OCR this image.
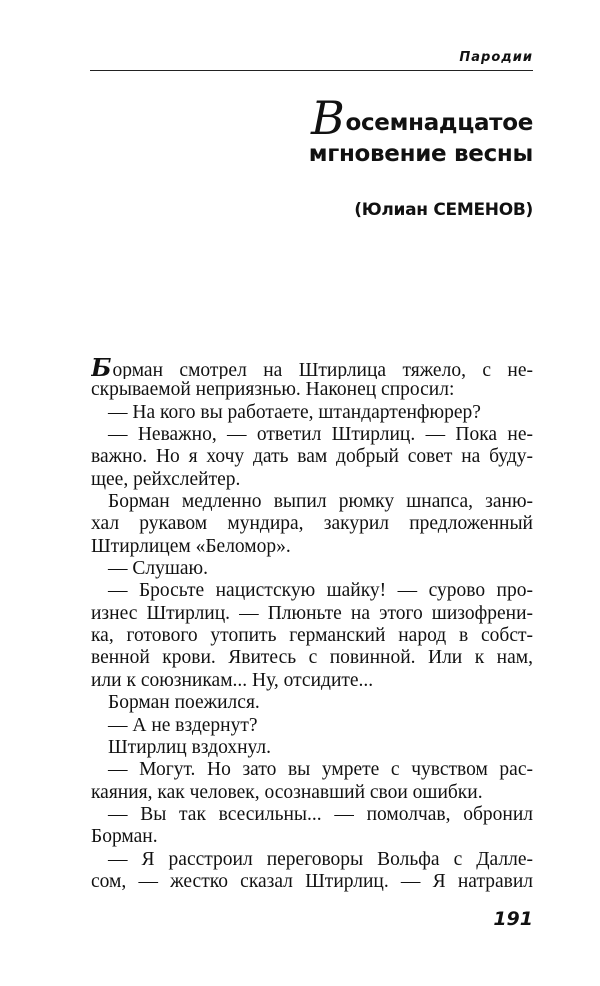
Пародии
Восемнадцатое
мгновение весны
(Юлиан СЕМЕНОВ)
Борман смотрел на Штирлица тяжело, с не-
скрываемой неприязнью. Наконец спросил:
— На кого вы работаете, штандартенфюрер?
— Неважно, — ответил Штирлиц. — Пока не-
важно. Но я хочу дать вам добрый совет на буду-
щее, рейхслейтер.
Борман медленно выпил рюмку шнапса, заню-
хал рукавом мундира, закурил предложенный
Штирлицем «Беломор».
— Слушаю.
— Бросьте нацистскую шайку! — сурово про-
изнес Штирлиц. — Плюньте на этого шизофрени-
ка, готового утопить германский народ в собст-
венной крови. Явитесь с повинной. Или к нам,
или к союзникам... Ну, отсидите...
Борман поежился.
— А не вздернут?
Штирлиц вздохнул.
— Могут. Но зато вы умрете с чувством рас-
каяния, как человек, осознавший свои ошибки.
— Вы так всесильны... — помолчав, обронил
Борман.
— Я расстроил переговоры Вольфа с Далле-
сом, — жестко сказал Штирлиц. — Я натравил
191
